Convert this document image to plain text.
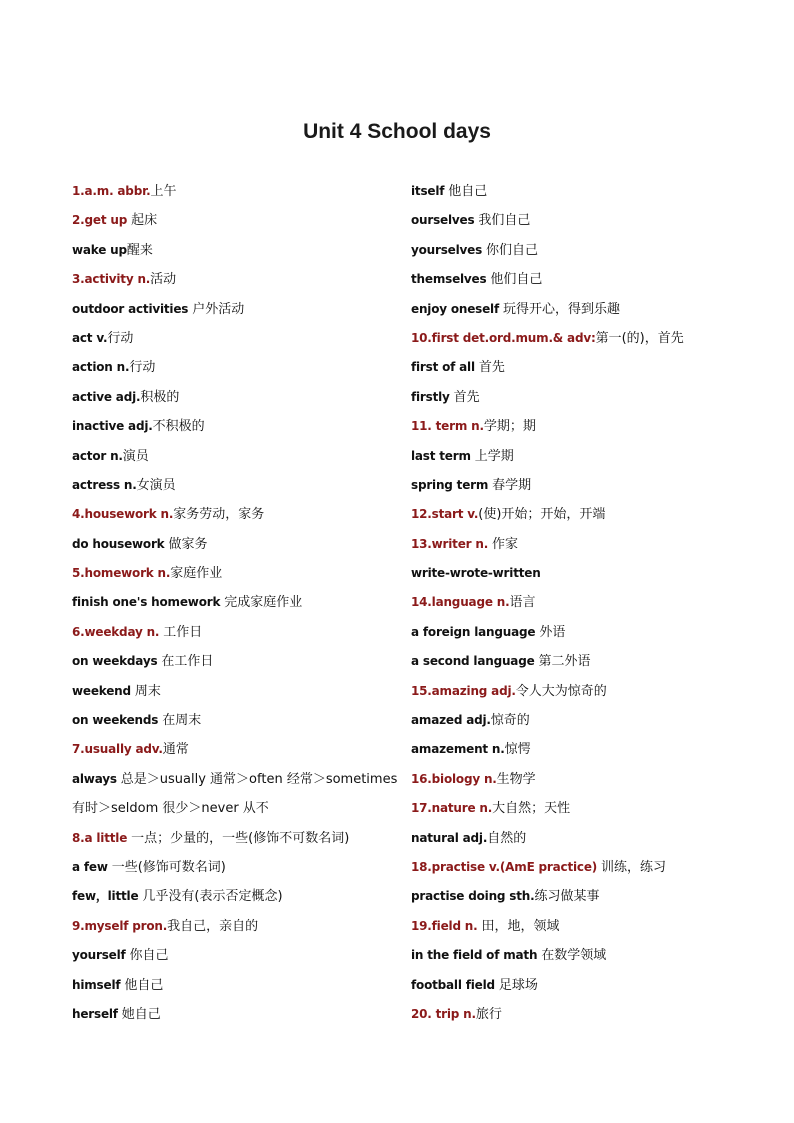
Unit 4 School days
1.a.m. abbr.上午
2.get up 起床
wake up醒来
3.activity n.活动
outdoor activities 户外活动
act v.行动
action n.行动
active adj.积极的
inactive adj.不积极的
actor n.演员
actress n.女演员
4.housework n.家务劳动，家务
do housework 做家务
5.homework n.家庭作业
finish one's homework 完成家庭作业
6.weekday n. 工作日
on weekdays 在工作日
weekend 周末
on weekends 在周末
7.usually adv.通常
always 总是＞usually 通常＞often 经常＞sometimes
有时＞seldom 很少＞never 从不
8.a little 一点；少量的，一些(修饰不可数名词)
a few 一些(修饰可数名词)
few，little 几乎没有(表示否定概念)
9.myself pron.我自己，亲自的
yourself 你自己
himself 他自己
herself 她自己
itself 他自己
ourselves 我们自己
yourselves 你们自己
themselves 他们自己
enjoy oneself 玩得开心，得到乐趣
10.first det.ord.mum.& adv:第一(的)，首先
first of all 首先
firstly 首先
11. term n.学期；期
last term 上学期
spring term 春学期
12.start v.(使)开始；开始，开端
13.writer n. 作家
write-wrote-written
14.language n.语言
a foreign language 外语
a second language 第二外语
15.amazing adj.令人大为惊奇的
amazed adj.惊奇的
amazement n.惊愕
16.biology n.生物学
17.nature n.大自然；天性
natural adj.自然的
18.practise v.(AmE practice) 训练，练习
practise doing sth.练习做某事
19.field n. 田，地，领域
in the field of math 在数学领域
football field 足球场
20. trip n.旅行
